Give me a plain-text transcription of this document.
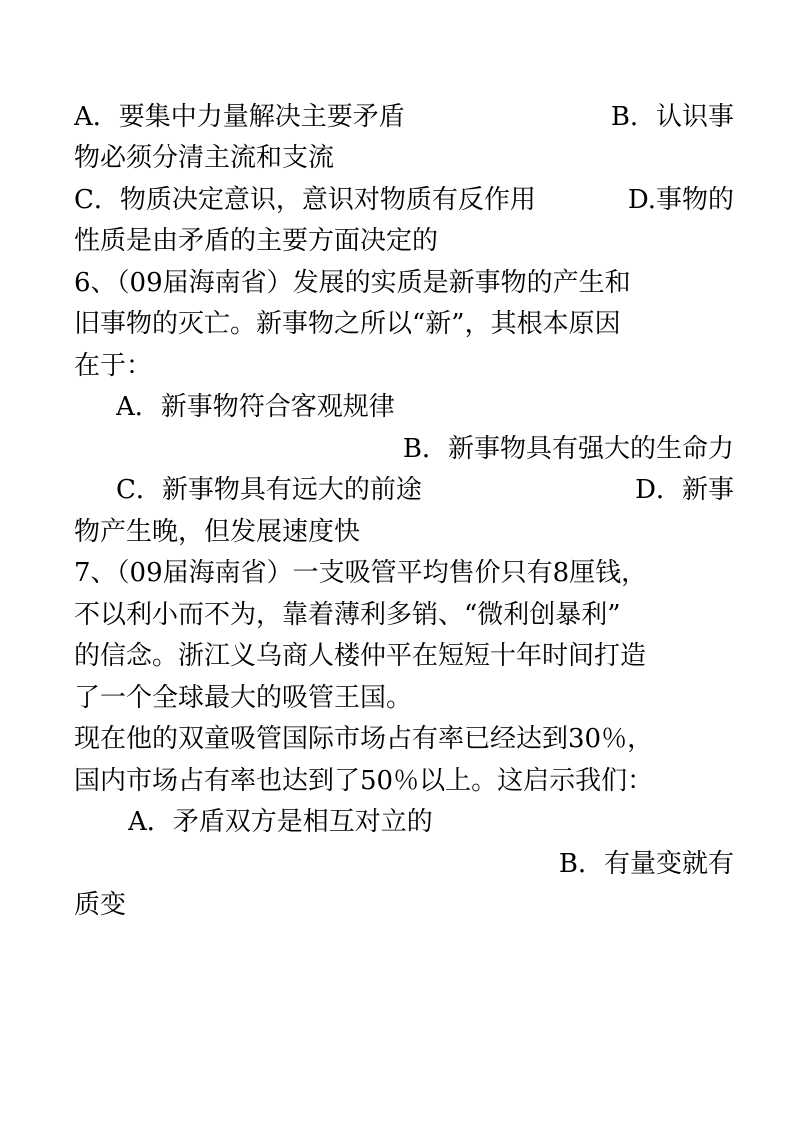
A．要集中力量解决主要矛盾	B．认识事
物必须分清主流和支流
C．物质决定意识，意识对物质有反作用	D.事物的
性质是由矛盾的主要方面决定的
6、（09届海南省）发展的实质是新事物的产生和
旧事物的灭亡。新事物之所以“新”，其根本原因
在于：
A．新事物符合客观规律
B．新事物具有强大的生命力
C．新事物具有远大的前途	D．新事
物产生晚，但发展速度快
7、（09届海南省）一支吸管平均售价只有8厘钱，
不以利小而不为，靠着薄利多销、“微利创暴利”
的信念。浙江义乌商人楼仲平在短短十年时间打造
了一个全球最大的吸管王国。
现在他的双童吸管国际市场占有率已经达到30％，
国内市场占有率也达到了50％以上。这启示我们：
A．矛盾双方是相互对立的
B．有量变就有
质变
